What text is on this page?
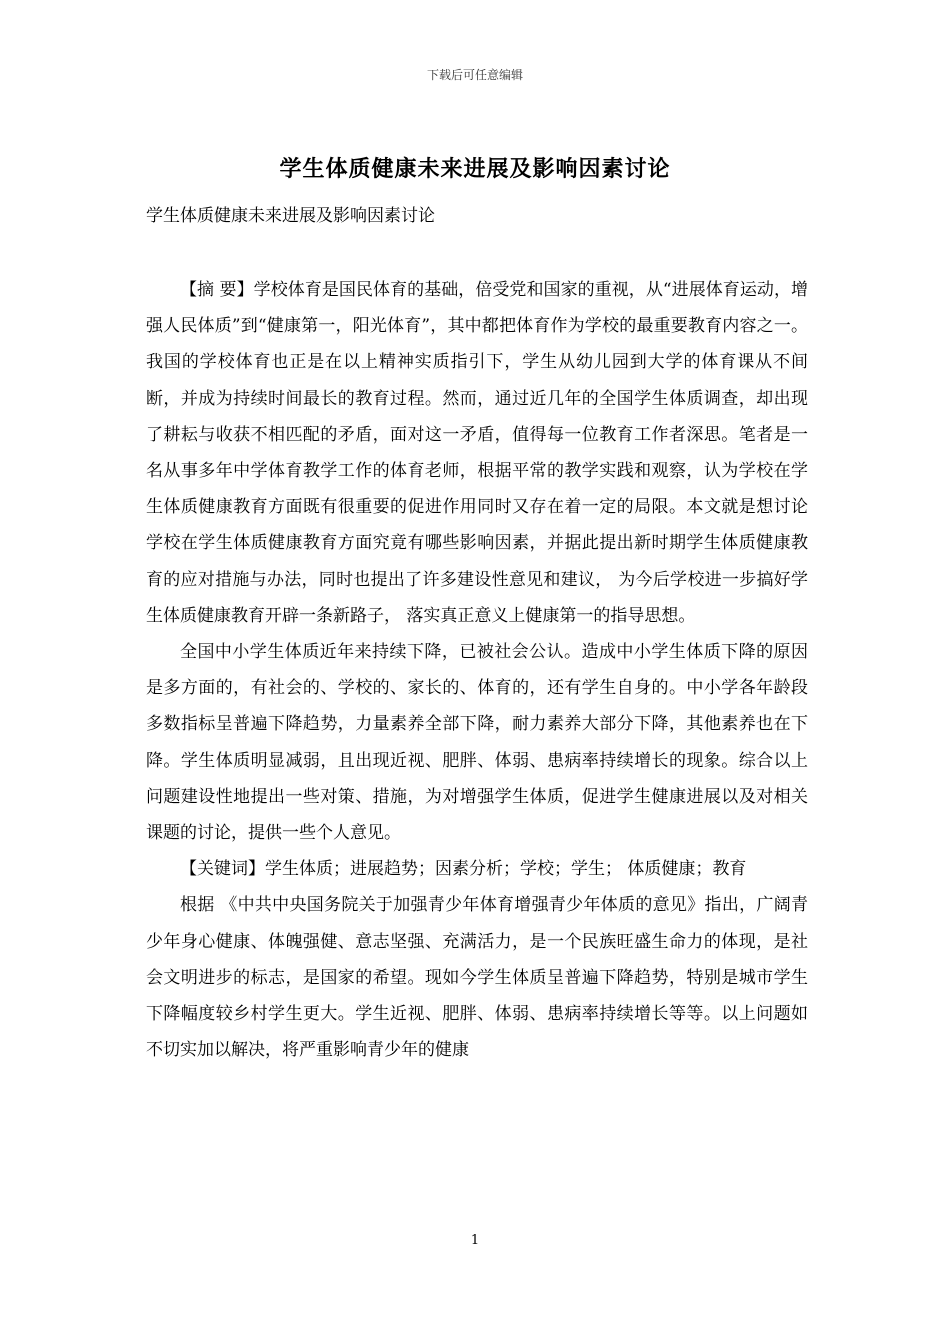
下载后可任意编辑
学生体质健康未来进展及影响因素讨论
学生体质健康未来进展及影响因素讨论

【摘 要】学校体育是国民体育的基础，倍受党和国家的重视，从“进展体育运动，增强人民体质”到“健康第一，阳光体育”，其中都把体育作为学校的最重要教育内容之一。我国的学校体育也正是在以上精神实质指引下，学生从幼儿园到大学的体育课从不间断，并成为持续时间最长的教育过程。然而，通过近几年的全国学生体质调查，却出现了耕耘与收获不相匹配的矛盾，面对这一矛盾，值得每一位教育工作者深思。笔者是一名从事多年中学体育教学工作的体育老师，根据平常的教学实践和观察，认为学校在学生体质健康教育方面既有很重要的促进作用同时又存在着一定的局限。本文就是想讨论学校在学生体质健康教育方面究竟有哪些影响因素，并据此提出新时期学生体质健康教育的应对措施与办法，同时也提出了许多建设性意见和建议， 为今后学校进一步搞好学生体质健康教育开辟一条新路子， 落实真正意义上健康第一的指导思想。

全国中小学生体质近年来持续下降，已被社会公认。造成中小学生体质下降的原因是多方面的，有社会的、学校的、家长的、体育的，还有学生自身的。中小学各年龄段多数指标呈普遍下降趋势，力量素养全部下降，耐力素养大部分下降，其他素养也在下降。学生体质明显减弱，且出现近视、肥胖、体弱、患病率持续增长的现象。综合以上问题建设性地提出一些对策、措施，为对增强学生体质，促进学生健康进展以及对相关课题的讨论，提供一些个人意见。

【关键词】学生体质；进展趋势；因素分析；学校；学生； 体质健康；教育

根据 《中共中央国务院关于加强青少年体育增强青少年体质的意见》指出，广阔青少年身心健康、体魄强健、意志坚强、充满活力，是一个民族旺盛生命力的体现，是社会文明进步的标志，是国家的希望。现如今学生体质呈普遍下降趋势，特别是城市学生下降幅度较乡村学生更大。学生近视、肥胖、体弱、患病率持续增长等等。以上问题如不切实加以解决，将严重影响青少年的健康

1
